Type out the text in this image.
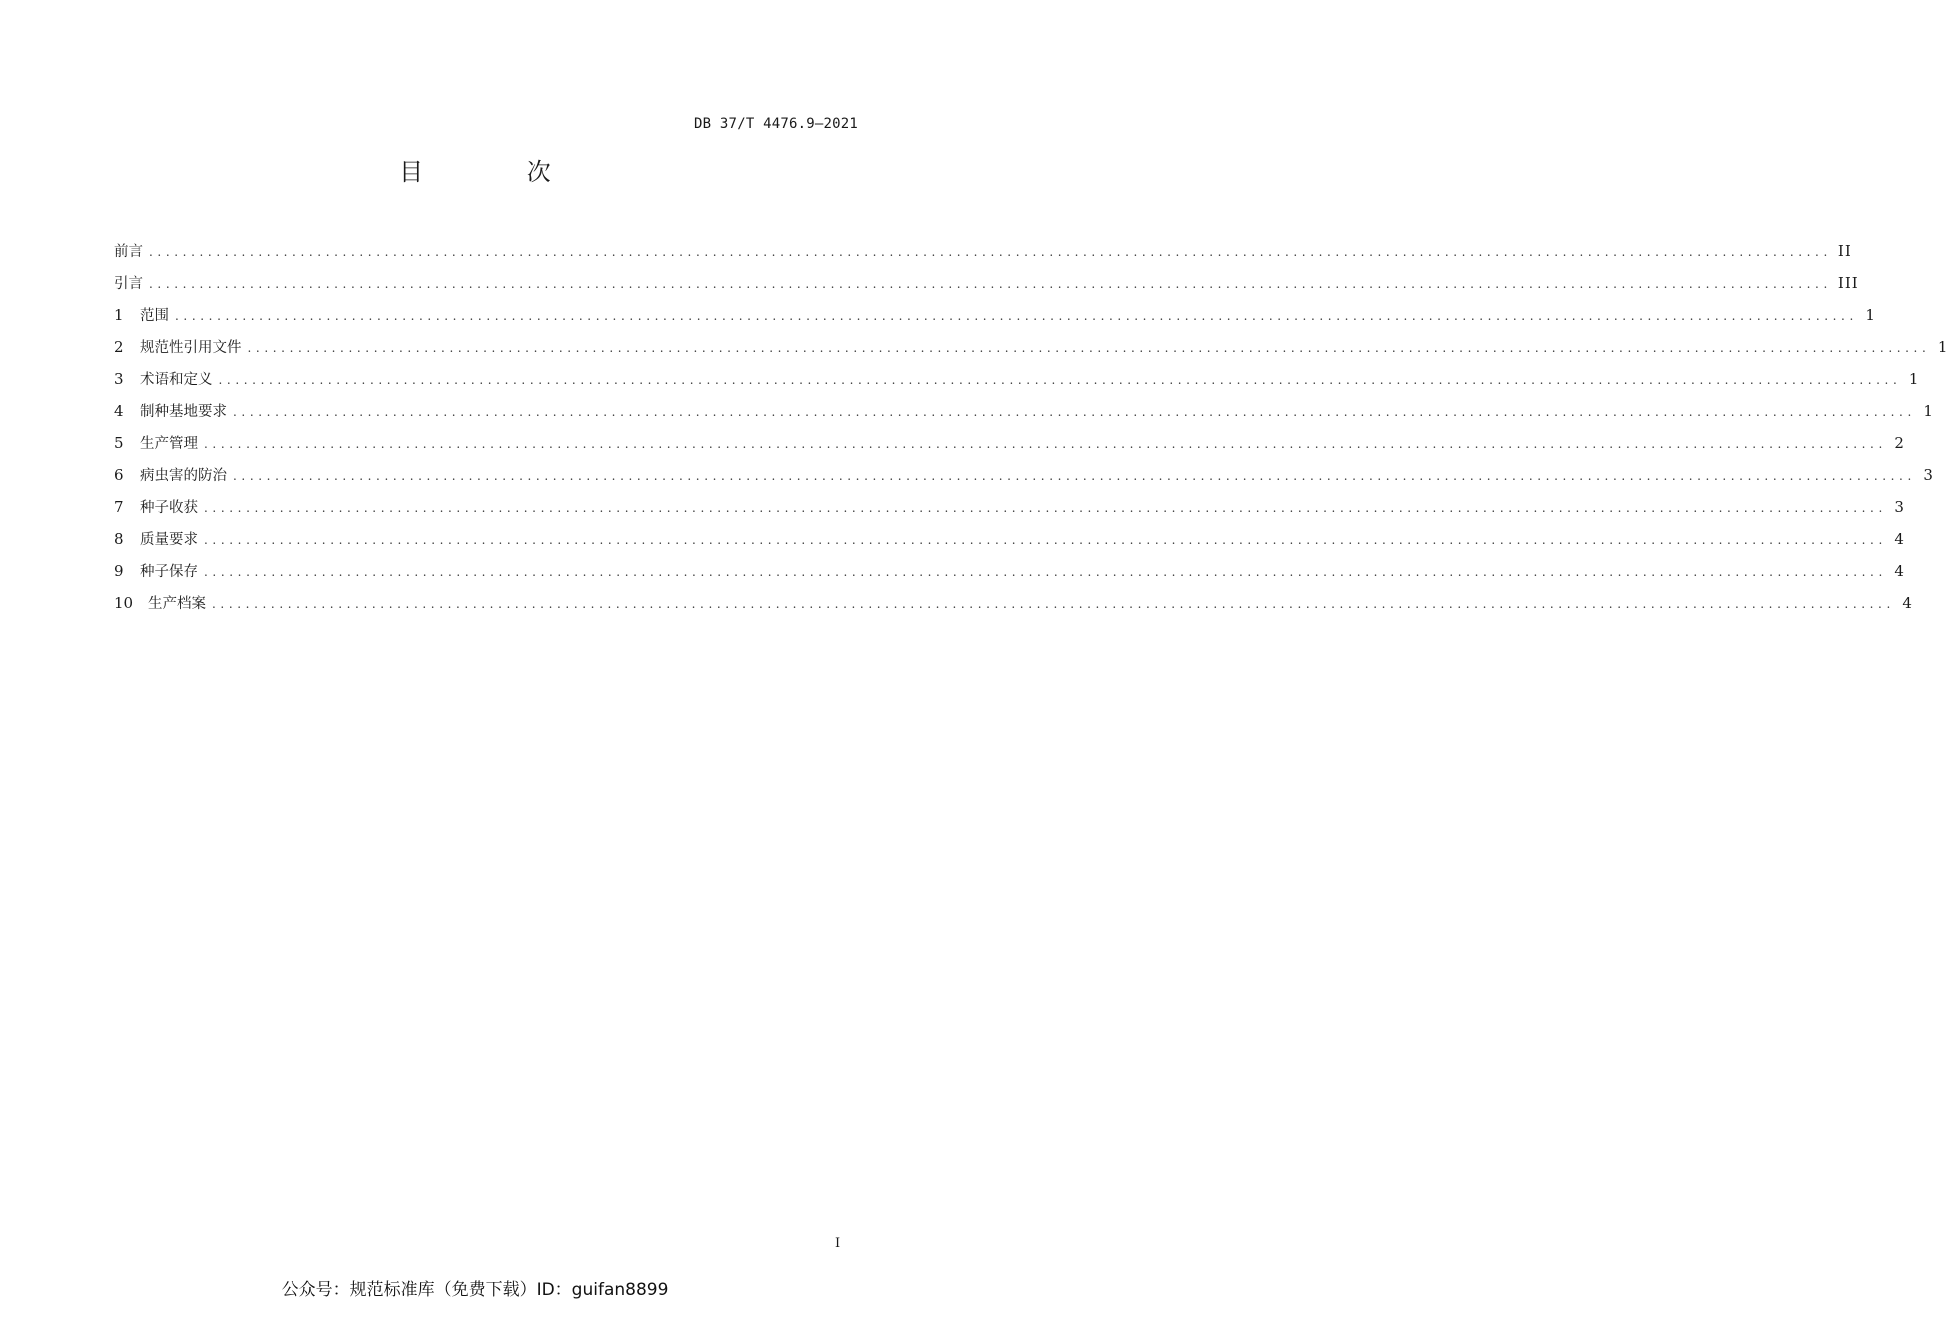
DB 37/T 4476.9—2021
目 次
前言 ........................................................................................................................................................................................................ II
引言 ........................................................................................................................................................................................................ III
1	范围 ........................................................................................................................................................................................................ 1
2	规范性引用文件 ........................................................................................................................................................................................................ 1
3	术语和定义 ........................................................................................................................................................................................................ 1
4	制种基地要求 ........................................................................................................................................................................................................ 1
5	生产管理 ........................................................................................................................................................................................................ 2
6	病虫害的防治 ........................................................................................................................................................................................................ 3
7	种子收获 ........................................................................................................................................................................................................ 3
8	质量要求 ........................................................................................................................................................................................................ 4
9	种子保存 ........................................................................................................................................................................................................ 4
10	生产档案 ........................................................................................................................................................................................................ 4
I
公众号：规范标准库（免费下载）ID：guifan8899
